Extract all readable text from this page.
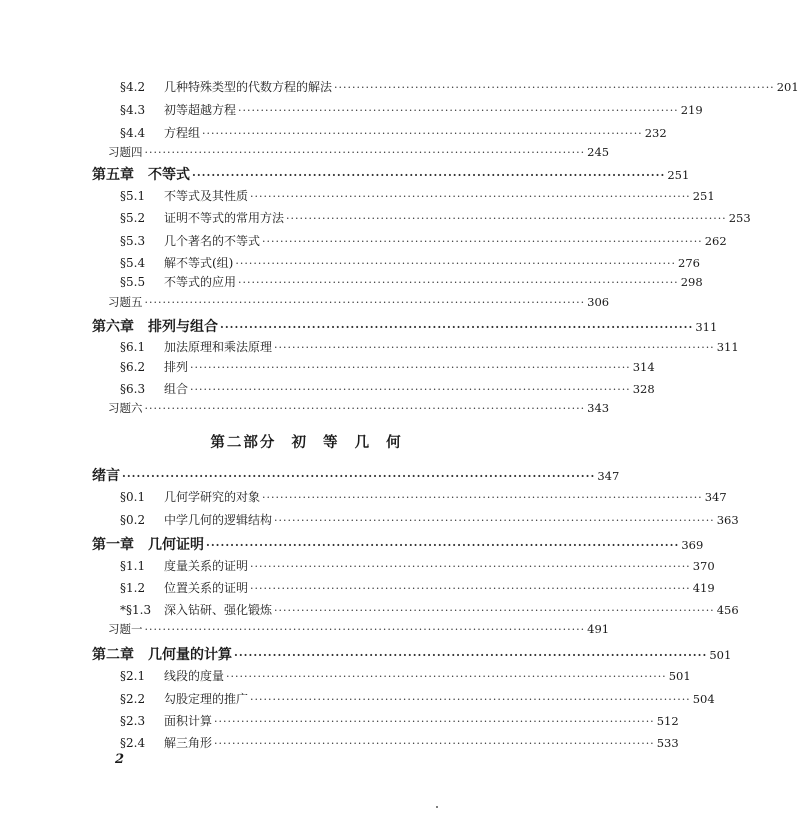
§4.2 几种特殊类型的代数方程的解法 ·································································································· 201
§4.3 初等超越方程 ·································································································· 219
§4.4 方程组 ·································································································· 232
习题四 ·································································································· 245
第五章　不等式 ·································································································· 251
§5.1 不等式及其性质 ·································································································· 251
§5.2 证明不等式的常用方法 ·································································································· 253
§5.3 几个著名的不等式 ·································································································· 262
§5.4 解不等式(组) ·································································································· 276
§5.5 不等式的应用 ·································································································· 298
习题五 ·································································································· 306
第六章　排列与组合 ·································································································· 311
§6.1 加法原理和乘法原理 ·································································································· 311
§6.2 排列 ·································································································· 314
§6.3 组合 ·································································································· 328
习题六 ·································································································· 343
绪言 ·································································································· 347
§0.1 几何学研究的对象 ·································································································· 347
§0.2 中学几何的逻辑结构 ·································································································· 363
第一章　几何证明 ·································································································· 369
§1.1 度量关系的证明 ·································································································· 370
§1.2 位置关系的证明 ·································································································· 419
*§1.3 深入钻研、强化锻炼 ·································································································· 456
习题一 ·································································································· 491
第二章　几何量的计算 ·································································································· 501
§2.1 线段的度量 ·································································································· 501
§2.2 勾股定理的推广 ·································································································· 504
§2.3 面积计算 ·································································································· 512
§2.4 解三角形 ·································································································· 533
第二部分 初 等 几 何
2
